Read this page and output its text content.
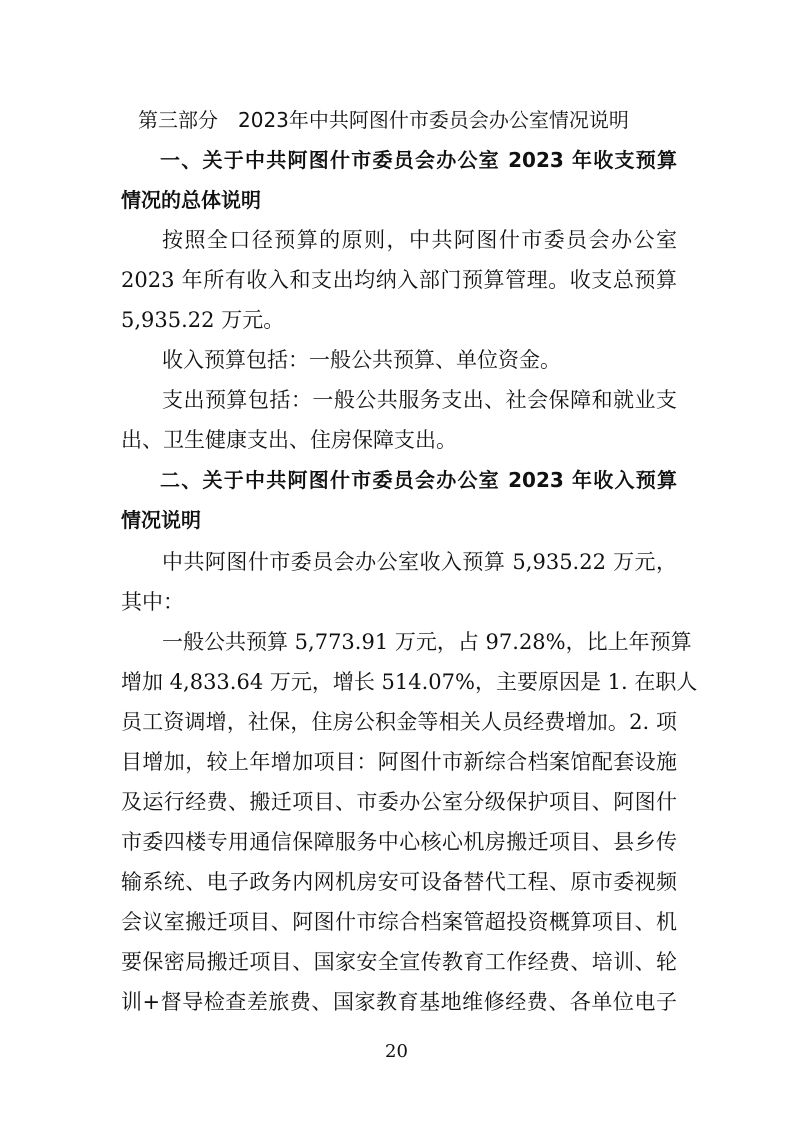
第三部分　2023年中共阿图什市委员会办公室情况说明
一、关于中共阿图什市委员会办公室 2023 年收支预算
情况的总体说明
按照全口径预算的原则，中共阿图什市委员会办公室
2023 年所有收入和支出均纳入部门预算管理。收支总预算
5,935.22 万元。
收入预算包括：一般公共预算、单位资金。
支出预算包括：一般公共服务支出、社会保障和就业支
出、卫生健康支出、住房保障支出。
二、关于中共阿图什市委员会办公室 2023 年收入预算
情况说明
中共阿图什市委员会办公室收入预算 5,935.22 万元，
其中：
一般公共预算 5,773.91 万元，占 97.28%，比上年预算
增加 4,833.64 万元，增长 514.07%，主要原因是 1. 在职人
员工资调增，社保，住房公积金等相关人员经费增加。2. 项
目增加，较上年增加项目：阿图什市新综合档案馆配套设施
及运行经费、搬迁项目、市委办公室分级保护项目、阿图什
市委四楼专用通信保障服务中心核心机房搬迁项目、县乡传
输系统、电子政务内网机房安可设备替代工程、原市委视频
会议室搬迁项目、阿图什市综合档案管超投资概算项目、机
要保密局搬迁项目、国家安全宣传教育工作经费、培训、轮
训+督导检查差旅费、国家教育基地维修经费、各单位电子
20
